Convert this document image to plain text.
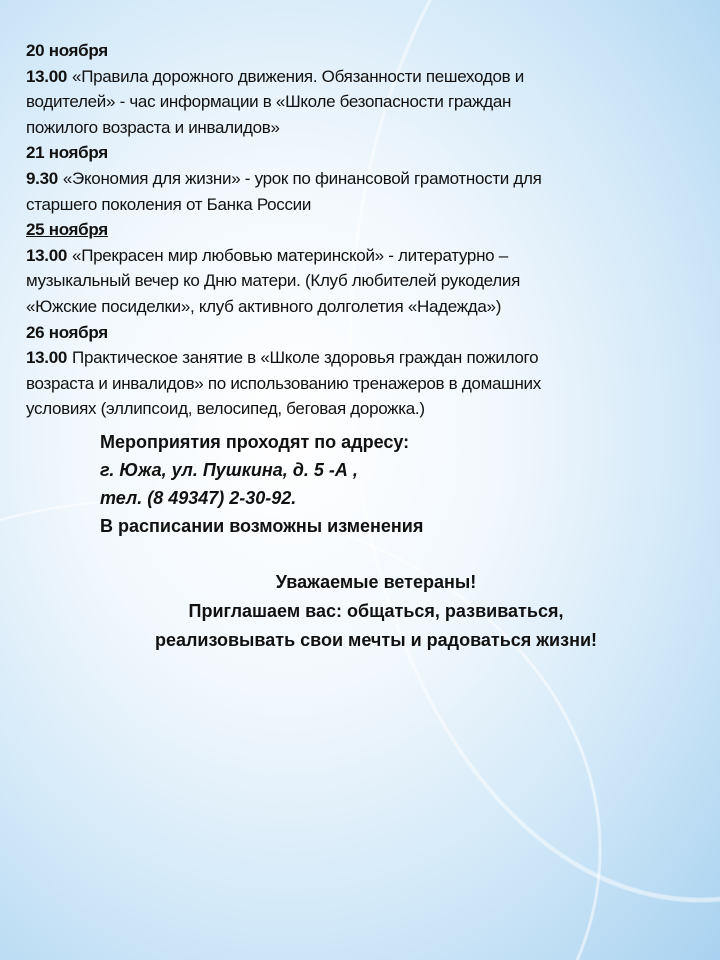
20 ноября
13.00 «Правила дорожного движения. Обязанности пешеходов и
водителей» - час информации в «Школе безопасности граждан
пожилого возраста и инвалидов»
21 ноября
9.30 «Экономия для жизни» - урок по финансовой грамотности для
старшего поколения от Банка России
25 ноября
13.00 «Прекрасен мир любовью материнской» - литературно –
музыкальный вечер ко Дню матери. (Клуб любителей рукоделия
«Южские посиделки», клуб активного долголетия «Надежда»)
26 ноября
13.00 Практическое занятие в «Школе здоровья граждан пожилого
возраста и инвалидов» по использованию тренажеров в домашних
условиях (эллипсоид, велосипед, беговая дорожка.)
Мероприятия проходят по адресу:
г. Южа, ул. Пушкина, д. 5 -А ,
тел. (8 49347) 2-30-92.
В расписании возможны изменения
Уважаемые ветераны!
Приглашаем вас: общаться, развиваться,
реализовывать свои мечты и радоваться жизни!
